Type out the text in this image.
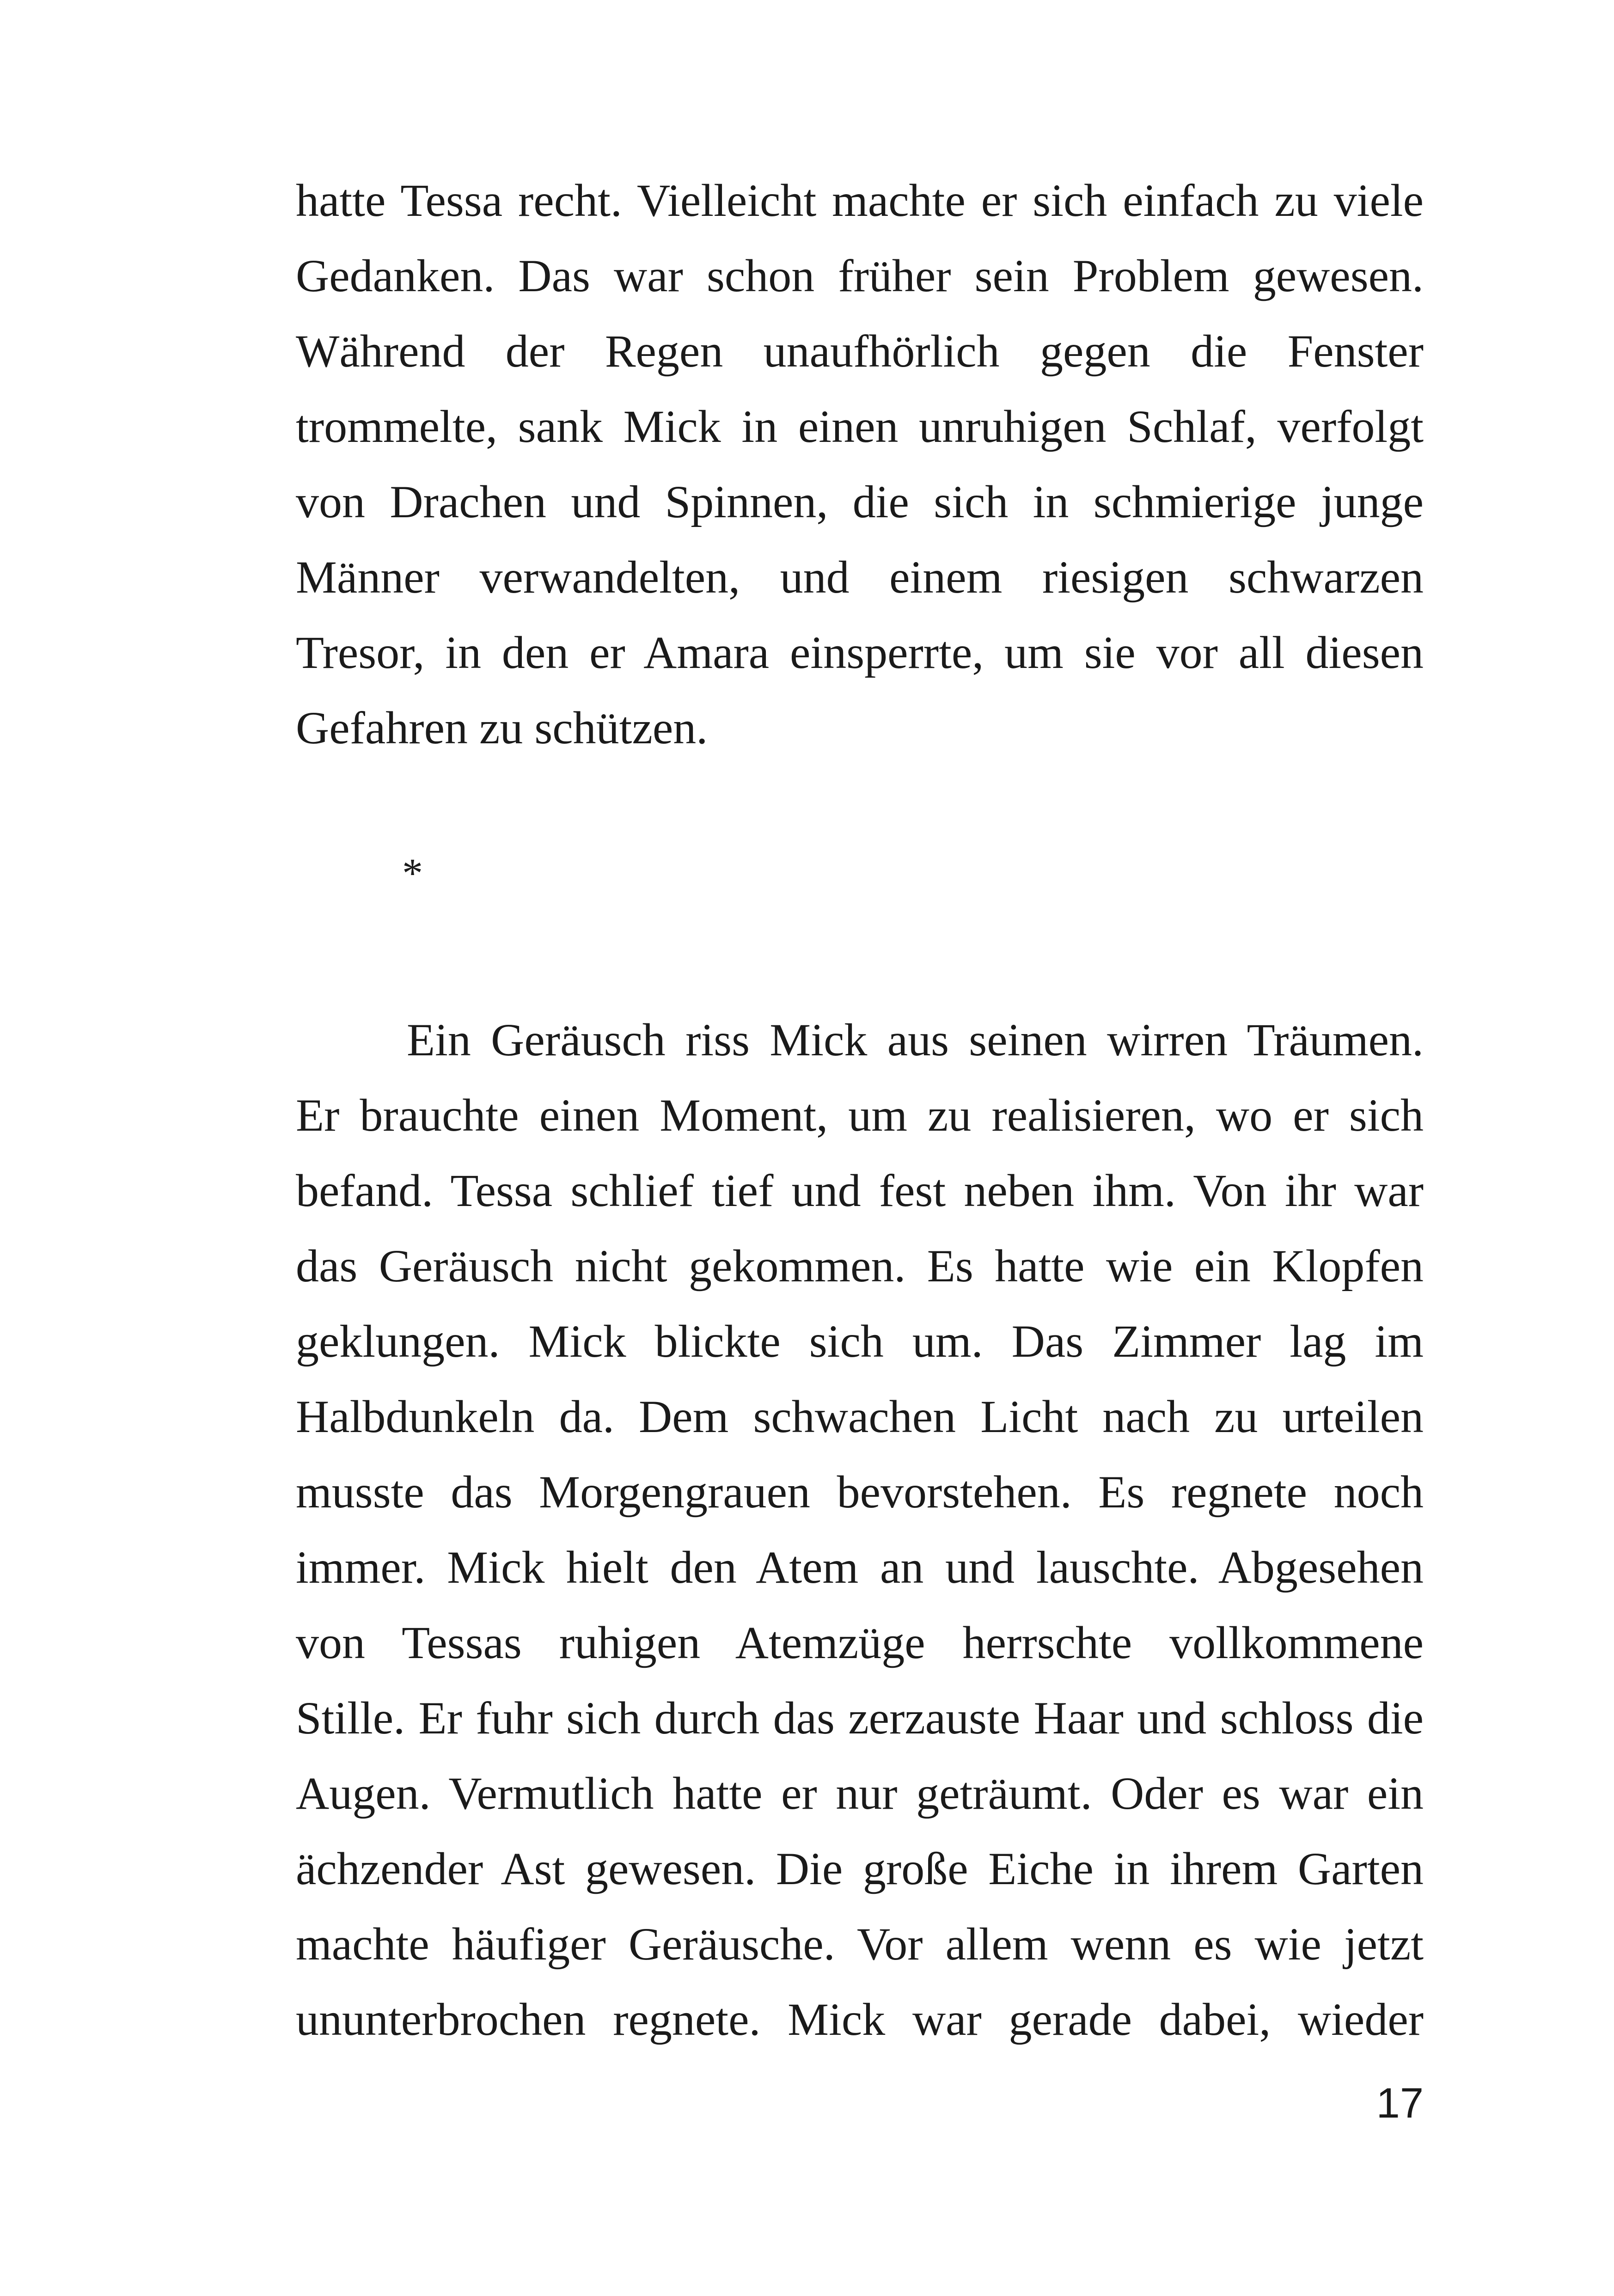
hatte Tessa recht. Vielleicht machte er sich einfach zu viele
Gedanken. Das war schon früher sein Problem gewesen.
Während der Regen unaufhörlich gegen die Fenster
trommelte, sank Mick in einen unruhigen Schlaf, verfolgt
von Drachen und Spinnen, die sich in schmierige junge
Männer verwandelten, und einem riesigen schwarzen
Tresor, in den er Amara einsperrte, um sie vor all diesen
Gefahren zu schützen.
*
Ein Geräusch riss Mick aus seinen wirren Träumen.
Er brauchte einen Moment, um zu realisieren, wo er sich
befand. Tessa schlief tief und fest neben ihm. Von ihr war
das Geräusch nicht gekommen. Es hatte wie ein Klopfen
geklungen. Mick blickte sich um. Das Zimmer lag im
Halbdunkeln da. Dem schwachen Licht nach zu urteilen
musste das Morgengrauen bevorstehen. Es regnete noch
immer. Mick hielt den Atem an und lauschte. Abgesehen
von Tessas ruhigen Atemzüge herrschte vollkommene
Stille. Er fuhr sich durch das zerzauste Haar und schloss die
Augen. Vermutlich hatte er nur geträumt. Oder es war ein
ächzender Ast gewesen. Die große Eiche in ihrem Garten
machte häufiger Geräusche. Vor allem wenn es wie jetzt
ununterbrochen regnete. Mick war gerade dabei, wieder
17
